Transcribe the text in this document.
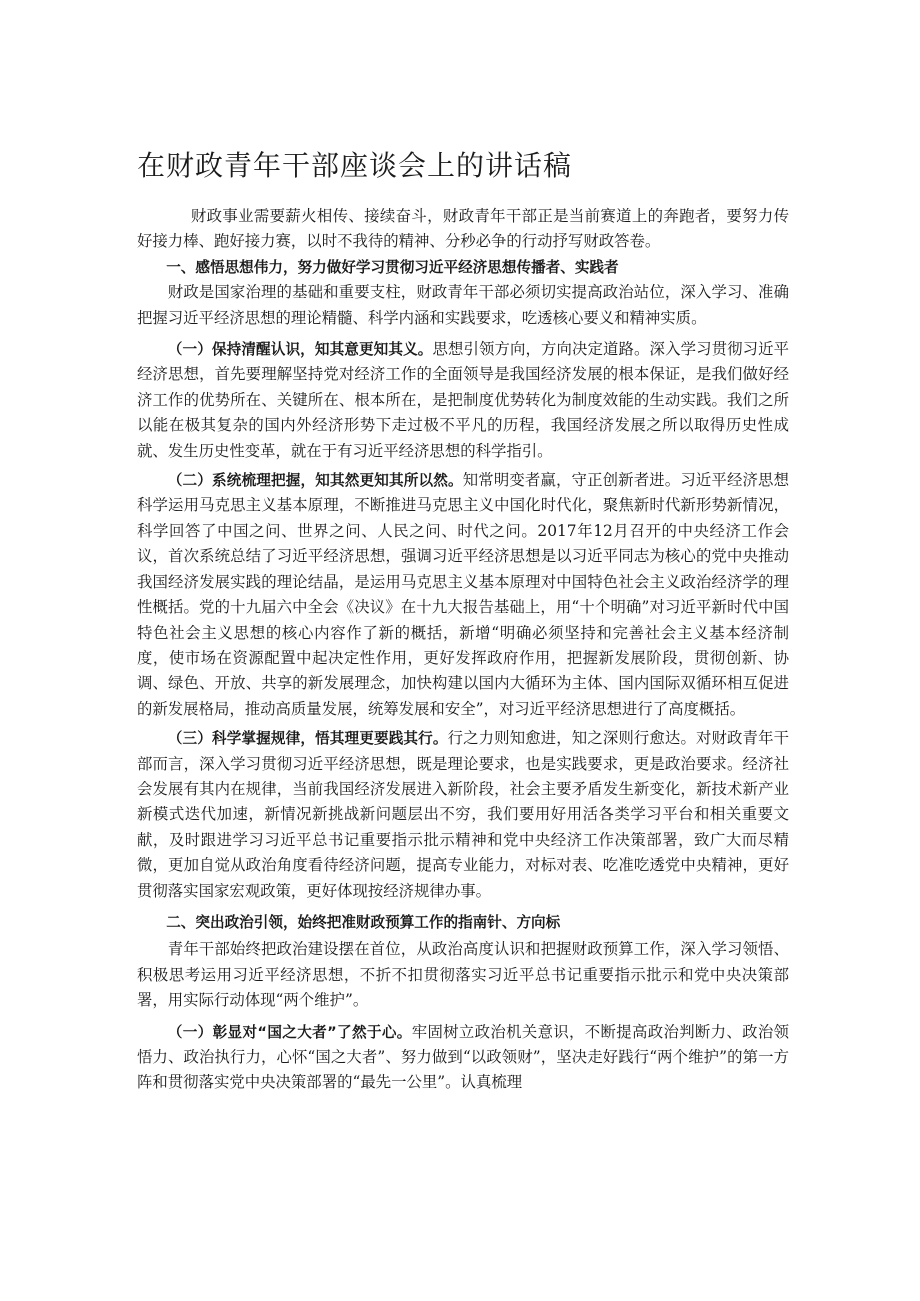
在财政青年干部座谈会上的讲话稿

财政事业需要薪火相传、接续奋斗，财政青年干部正是当前赛道上的奔跑者，要努力传好接力棒、跑好接力赛，以时不我待的精神、分秒必争的行动抒写财政答卷。

一、感悟思想伟力，努力做好学习贯彻习近平经济思想传播者、实践者

财政是国家治理的基础和重要支柱，财政青年干部必须切实提高政治站位，深入学习、准确把握习近平经济思想的理论精髓、科学内涵和实践要求，吃透核心要义和精神实质。

（一）保持清醒认识，知其意更知其义。思想引领方向，方向决定道路。深入学习贯彻习近平经济思想，首先要理解坚持党对经济工作的全面领导是我国经济发展的根本保证，是我们做好经济工作的优势所在、关键所在、根本所在，是把制度优势转化为制度效能的生动实践。我们之所以能在极其复杂的国内外经济形势下走过极不平凡的历程，我国经济发展之所以取得历史性成就、发生历史性变革，就在于有习近平经济思想的科学指引。

（二）系统梳理把握，知其然更知其所以然。知常明变者赢，守正创新者进。习近平经济思想科学运用马克思主义基本原理，不断推进马克思主义中国化时代化，聚焦新时代新形势新情况，科学回答了中国之问、世界之问、人民之问、时代之问。2017年12月召开的中央经济工作会议，首次系统总结了习近平经济思想，强调习近平经济思想是以习近平同志为核心的党中央推动我国经济发展实践的理论结晶，是运用马克思主义基本原理对中国特色社会主义政治经济学的理性概括。党的十九届六中全会《决议》在十九大报告基础上，用“十个明确”对习近平新时代中国特色社会主义思想的核心内容作了新的概括，新增“明确必须坚持和完善社会主义基本经济制度，使市场在资源配置中起决定性作用，更好发挥政府作用，把握新发展阶段，贯彻创新、协调、绿色、开放、共享的新发展理念，加快构建以国内大循环为主体、国内国际双循环相互促进的新发展格局，推动高质量发展，统筹发展和安全”，对习近平经济思想进行了高度概括。

（三）科学掌握规律，悟其理更要践其行。行之力则知愈进，知之深则行愈达。对财政青年干部而言，深入学习贯彻习近平经济思想，既是理论要求，也是实践要求，更是政治要求。经济社会发展有其内在规律，当前我国经济发展进入新阶段，社会主要矛盾发生新变化，新技术新产业新模式迭代加速，新情况新挑战新问题层出不穷，我们要用好用活各类学习平台和相关重要文献，及时跟进学习习近平总书记重要指示批示精神和党中央经济工作决策部署，致广大而尽精微，更加自觉从政治角度看待经济问题，提高专业能力，对标对表、吃准吃透党中央精神，更好贯彻落实国家宏观政策，更好体现按经济规律办事。

二、突出政治引领，始终把准财政预算工作的指南针、方向标

青年干部始终把政治建设摆在首位，从政治高度认识和把握财政预算工作，深入学习领悟、积极思考运用习近平经济思想，不折不扣贯彻落实习近平总书记重要指示批示和党中央决策部署，用实际行动体现“两个维护”。

（一）彰显对“国之大者”了然于心。牢固树立政治机关意识，不断提高政治判断力、政治领悟力、政治执行力，心怀“国之大者”、努力做到“以政领财”，坚决走好践行“两个维护”的第一方阵和贯彻落实党中央决策部署的“最先一公里”。认真梳理
